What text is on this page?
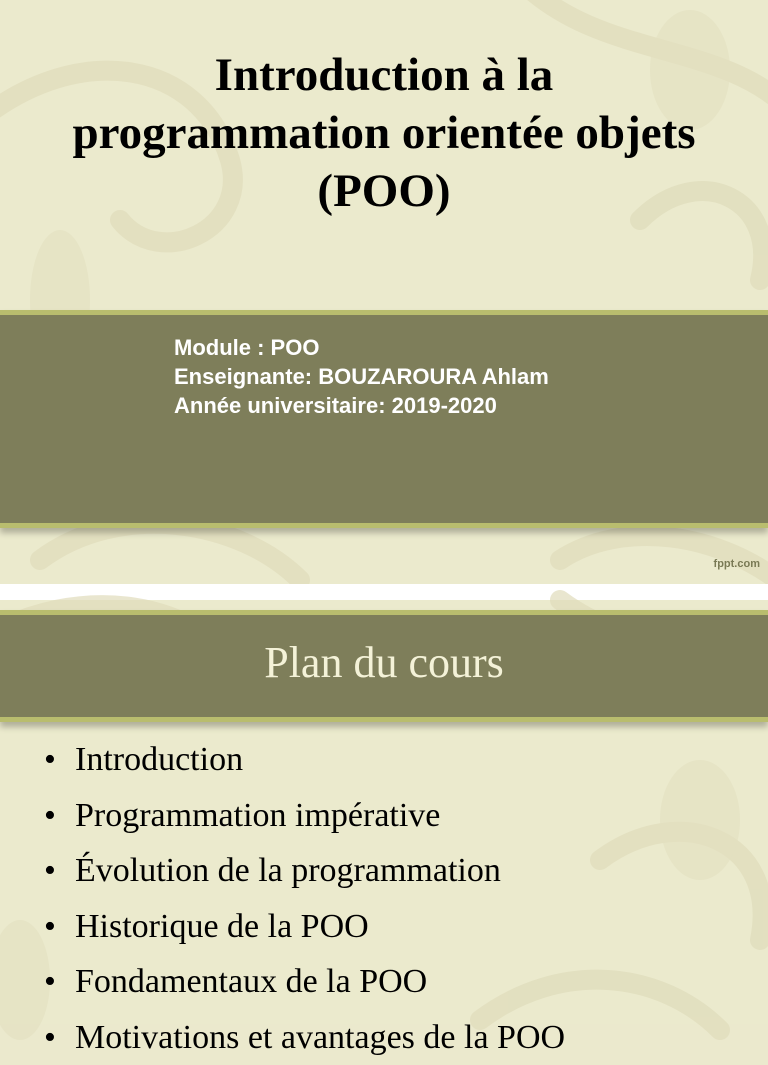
Introduction à la
programmation orientée objets
(POO)
Module : POO
Enseignante: BOUZAROURA Ahlam
Année universitaire: 2019-2020
fppt.com
Plan du cours
• Introduction
• Programmation impérative
• Évolution de la programmation
• Historique de la POO
• Fondamentaux de la POO
• Motivations et avantages de la POO
